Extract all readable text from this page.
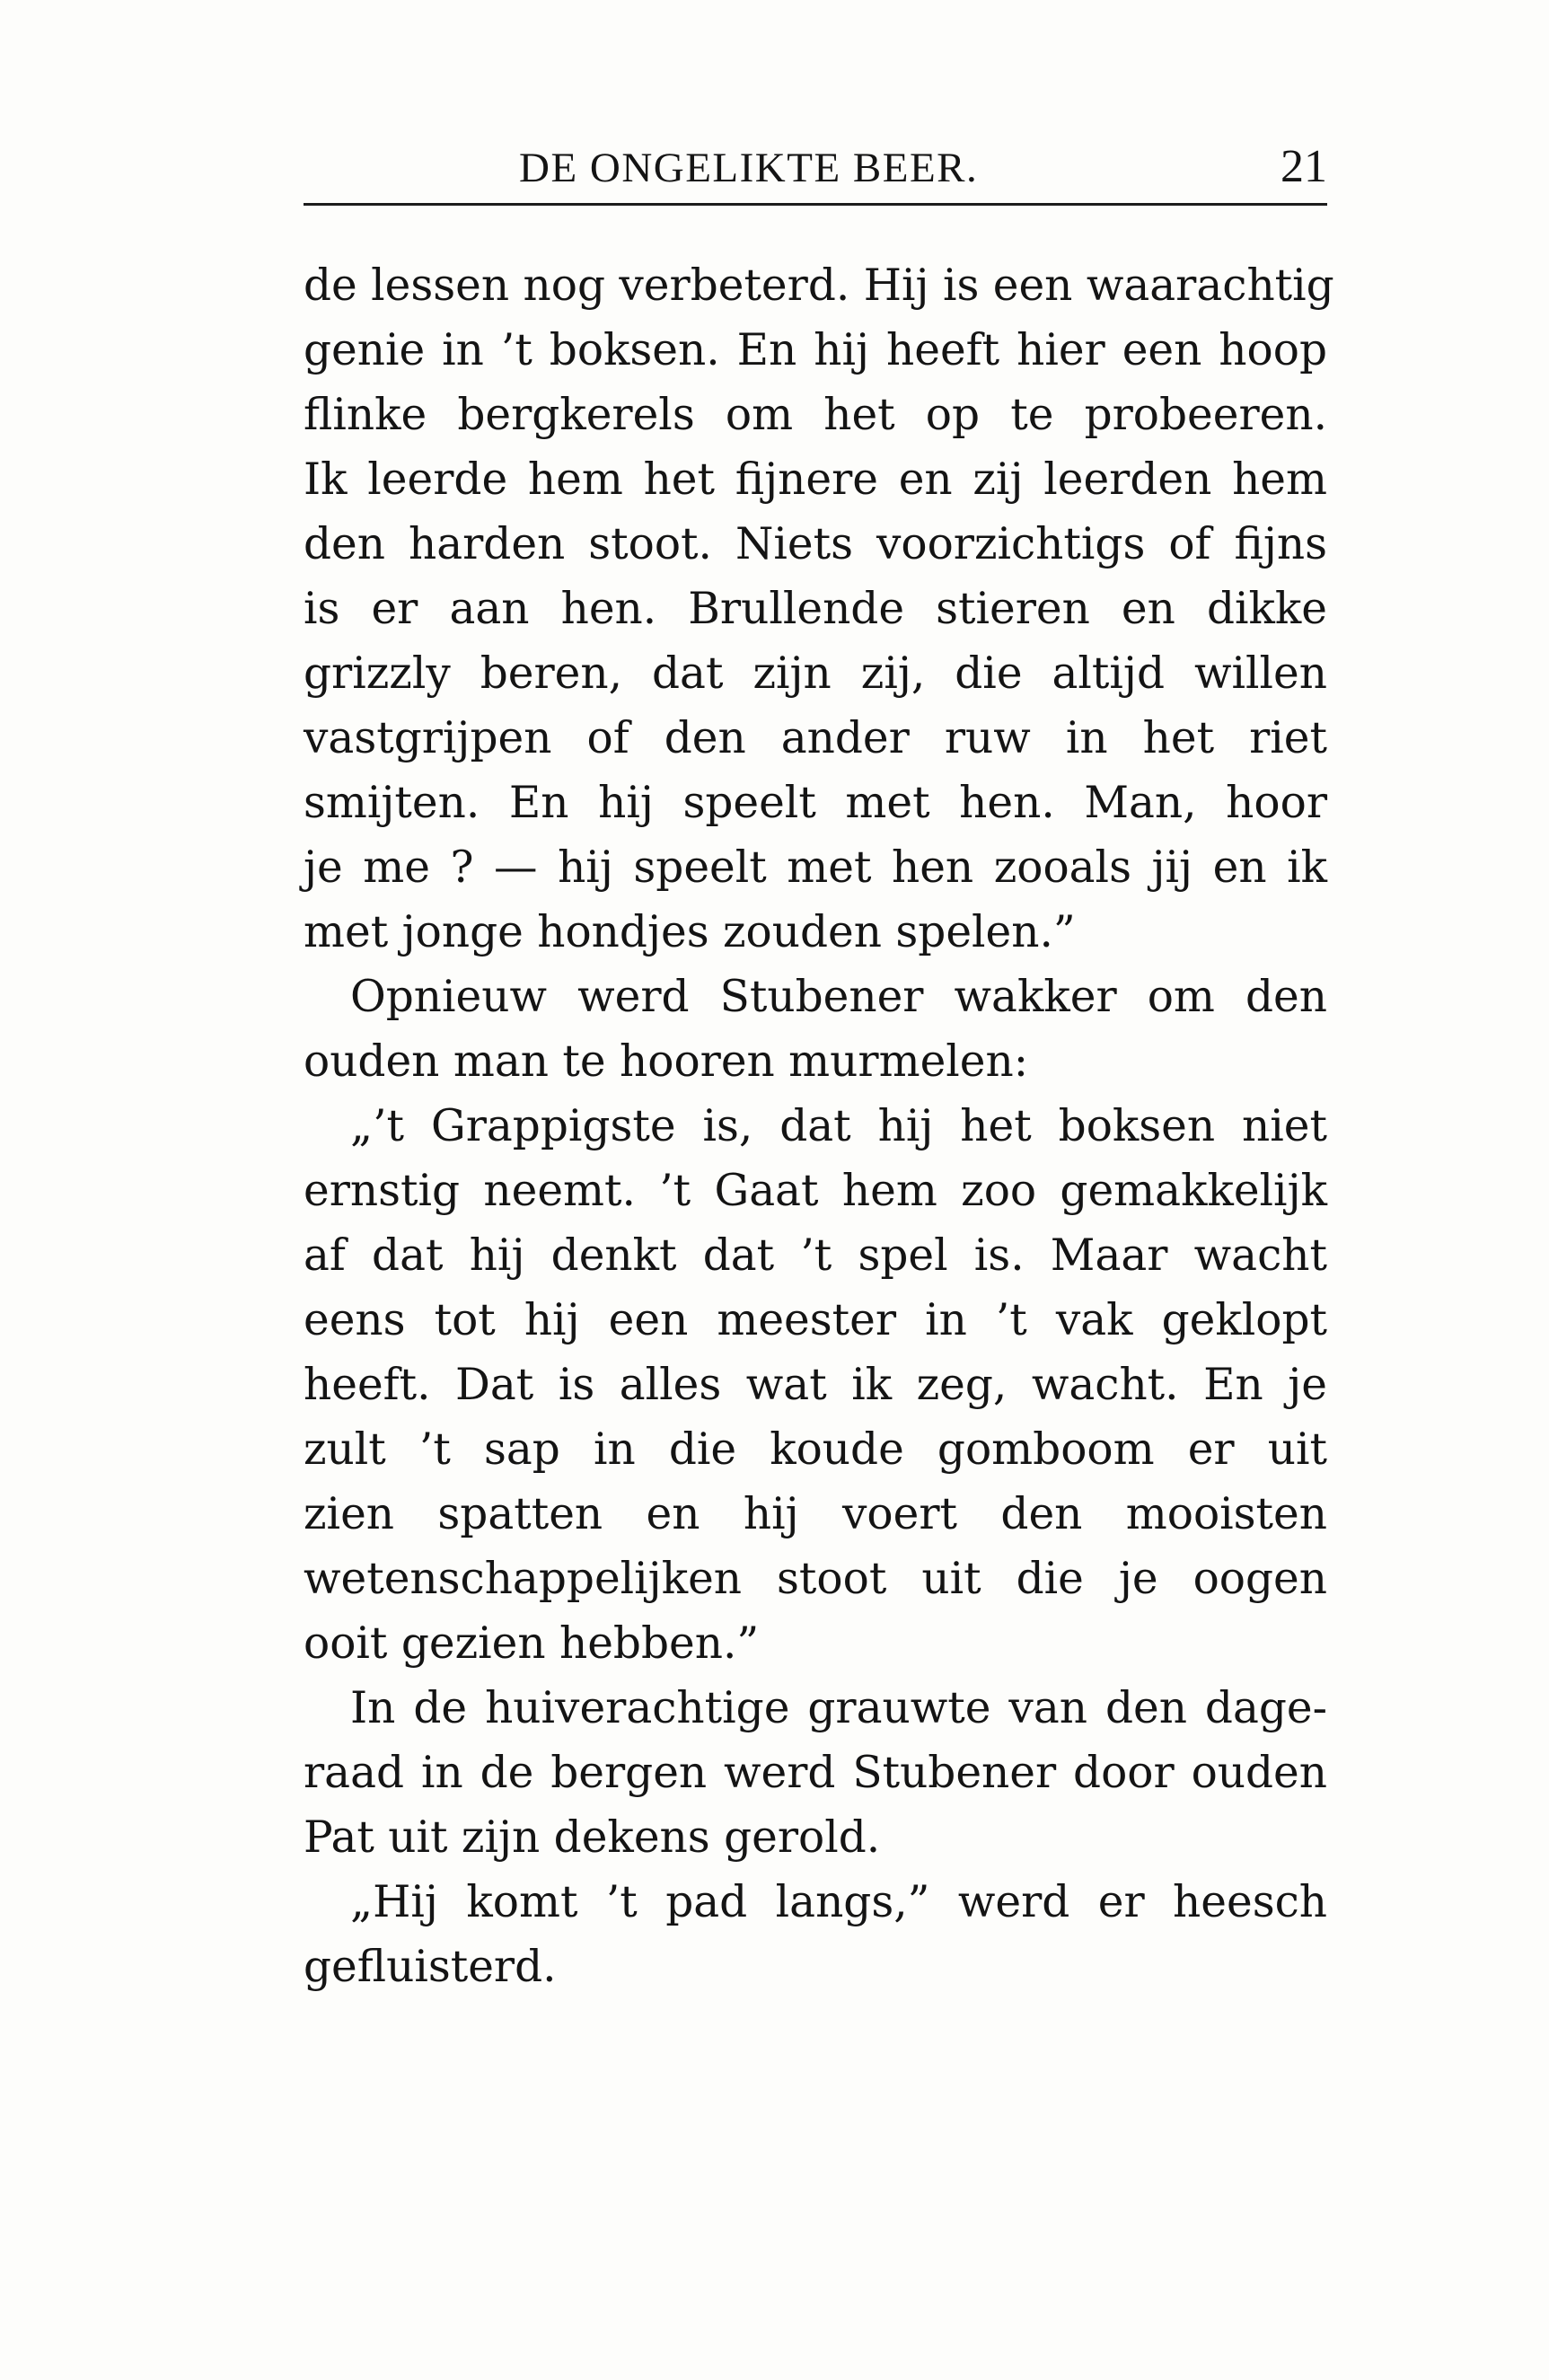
DE ONGELIKTE BEER.	21
de lessen nog verbeterd. Hij is een waarachtig
genie in ’t boksen. En hij heeft hier een hoop
flinke bergkerels om het op te probeeren.
Ik leerde hem het fijnere en zij leerden hem
den harden stoot. Niets voorzichtigs of fijns
is er aan hen. Brullende stieren en dikke
grizzly beren, dat zijn zij, die altijd willen
vastgrijpen of den ander ruw in het riet
smijten. En hij speelt met hen. Man, hoor
je me ? — hij speelt met hen zooals jij en ik
met jonge hondjes zouden spelen.”
Opnieuw werd Stubener wakker om den
ouden man te hooren murmelen:
„’t Grappigste is, dat hij het boksen niet
ernstig neemt. ’t Gaat hem zoo gemakkelijk
af dat hij denkt dat ’t spel is. Maar wacht
eens tot hij een meester in ’t vak geklopt
heeft. Dat is alles wat ik zeg, wacht. En je
zult ’t sap in die koude gomboom er uit
zien spatten en hij voert den mooisten
wetenschappelijken stoot uit die je oogen
ooit gezien hebben.”
In de huiverachtige grauwte van den dage-
raad in de bergen werd Stubener door ouden
Pat uit zijn dekens gerold.
„Hij komt ’t pad langs,” werd er heesch
gefluisterd.
